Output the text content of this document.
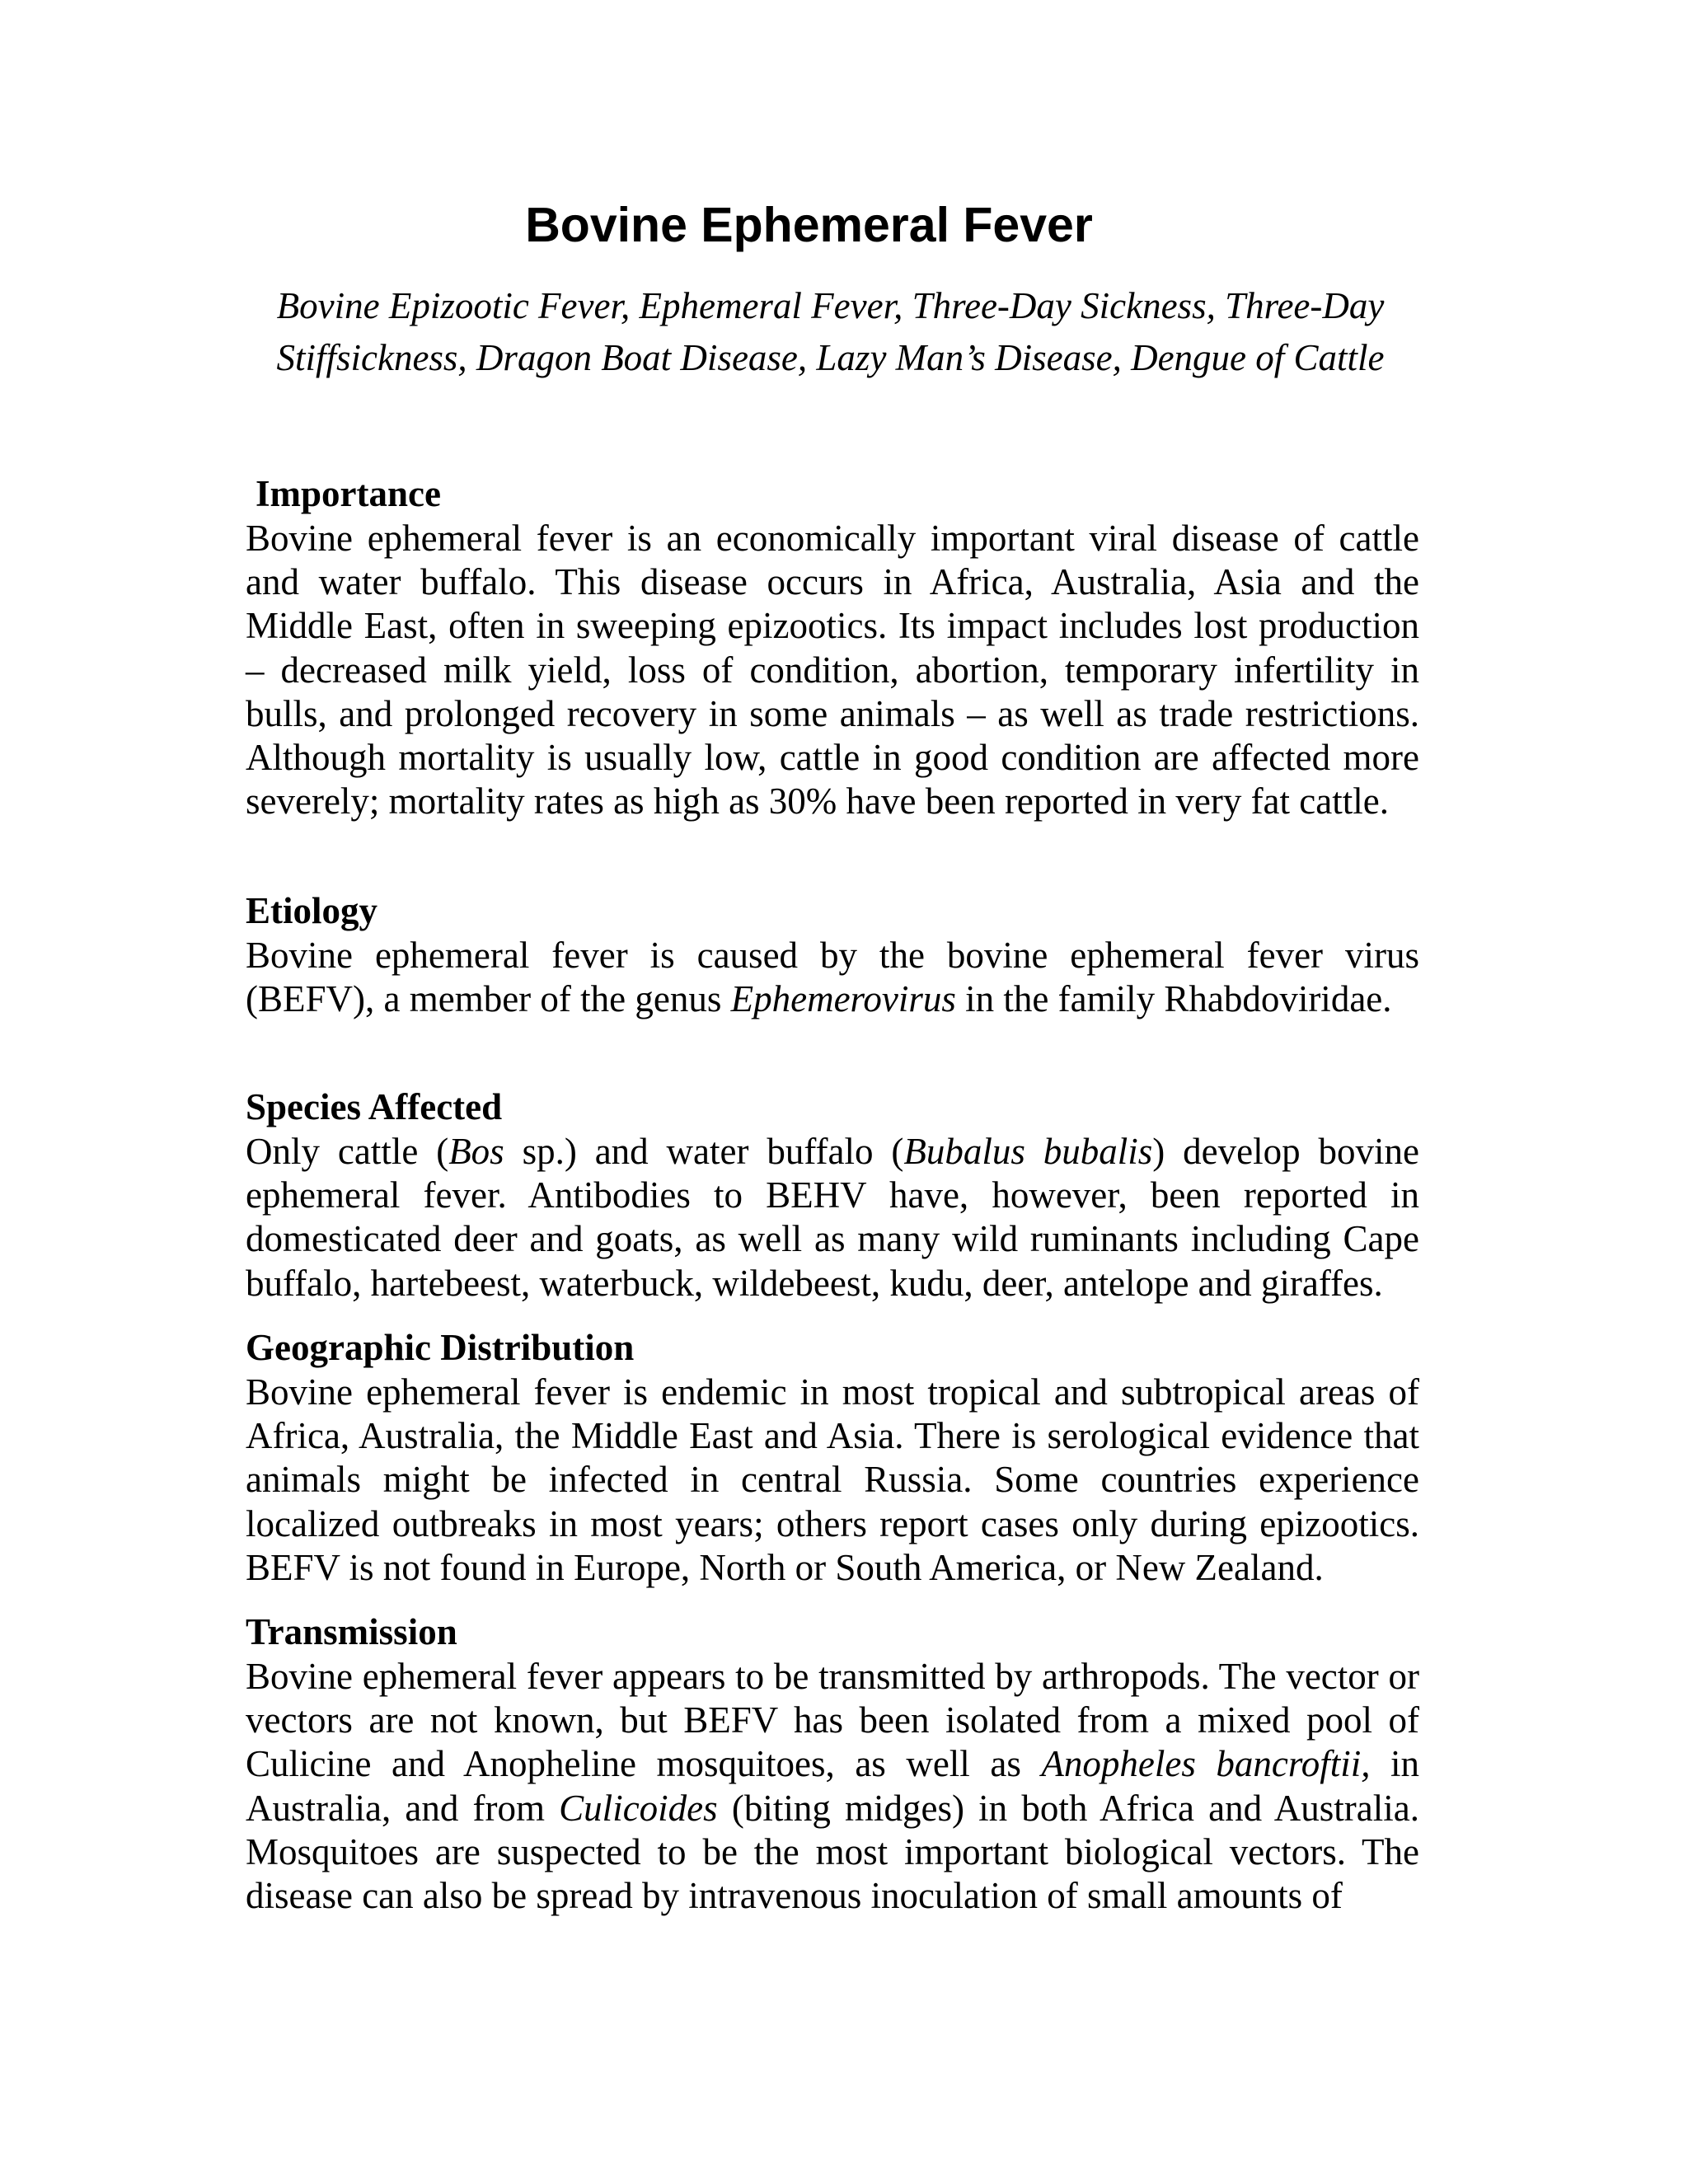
Bovine Ephemeral Fever

Bovine Epizootic Fever, Ephemeral Fever, Three-Day Sickness, Three-Day Stiffsickness, Dragon Boat Disease, Lazy Man’s Disease, Dengue of Cattle

Importance

Bovine ephemeral fever is an economically important viral disease of cattle and water buffalo. This disease occurs in Africa, Australia, Asia and the Middle East, often in sweeping epizootics. Its impact includes lost production – decreased milk yield, loss of condition, abortion, temporary infertility in bulls, and prolonged recovery in some animals – as well as trade restrictions. Although mortality is usually low, cattle in good condition are affected more severely; mortality rates as high as 30% have been reported in very fat cattle.

Etiology

Bovine ephemeral fever is caused by the bovine ephemeral fever virus (BEFV), a member of the genus Ephemerovirus in the family Rhabdoviridae.

Species Affected

Only cattle (Bos sp.) and water buffalo (Bubalus bubalis) develop bovine ephemeral fever. Antibodies to BEHV have, however, been reported in domesticated deer and goats, as well as many wild ruminants including Cape buffalo, hartebeest, waterbuck, wildebeest, kudu, deer, antelope and giraffes.

Geographic Distribution

Bovine ephemeral fever is endemic in most tropical and subtropical areas of Africa, Australia, the Middle East and Asia. There is serological evidence that animals might be infected in central Russia. Some countries experience localized outbreaks in most years; others report cases only during epizootics. BEFV is not found in Europe, North or South America, or New Zealand.

Transmission

Bovine ephemeral fever appears to be transmitted by arthropods. The vector or vectors are not known, but BEFV has been isolated from a mixed pool of Culicine and Anopheline mosquitoes, as well as Anopheles bancroftii, in Australia, and from Culicoides (biting midges) in both Africa and Australia. Mosquitoes are suspected to be the most important biological vectors. The disease can also be spread by intravenous inoculation of small amounts of
